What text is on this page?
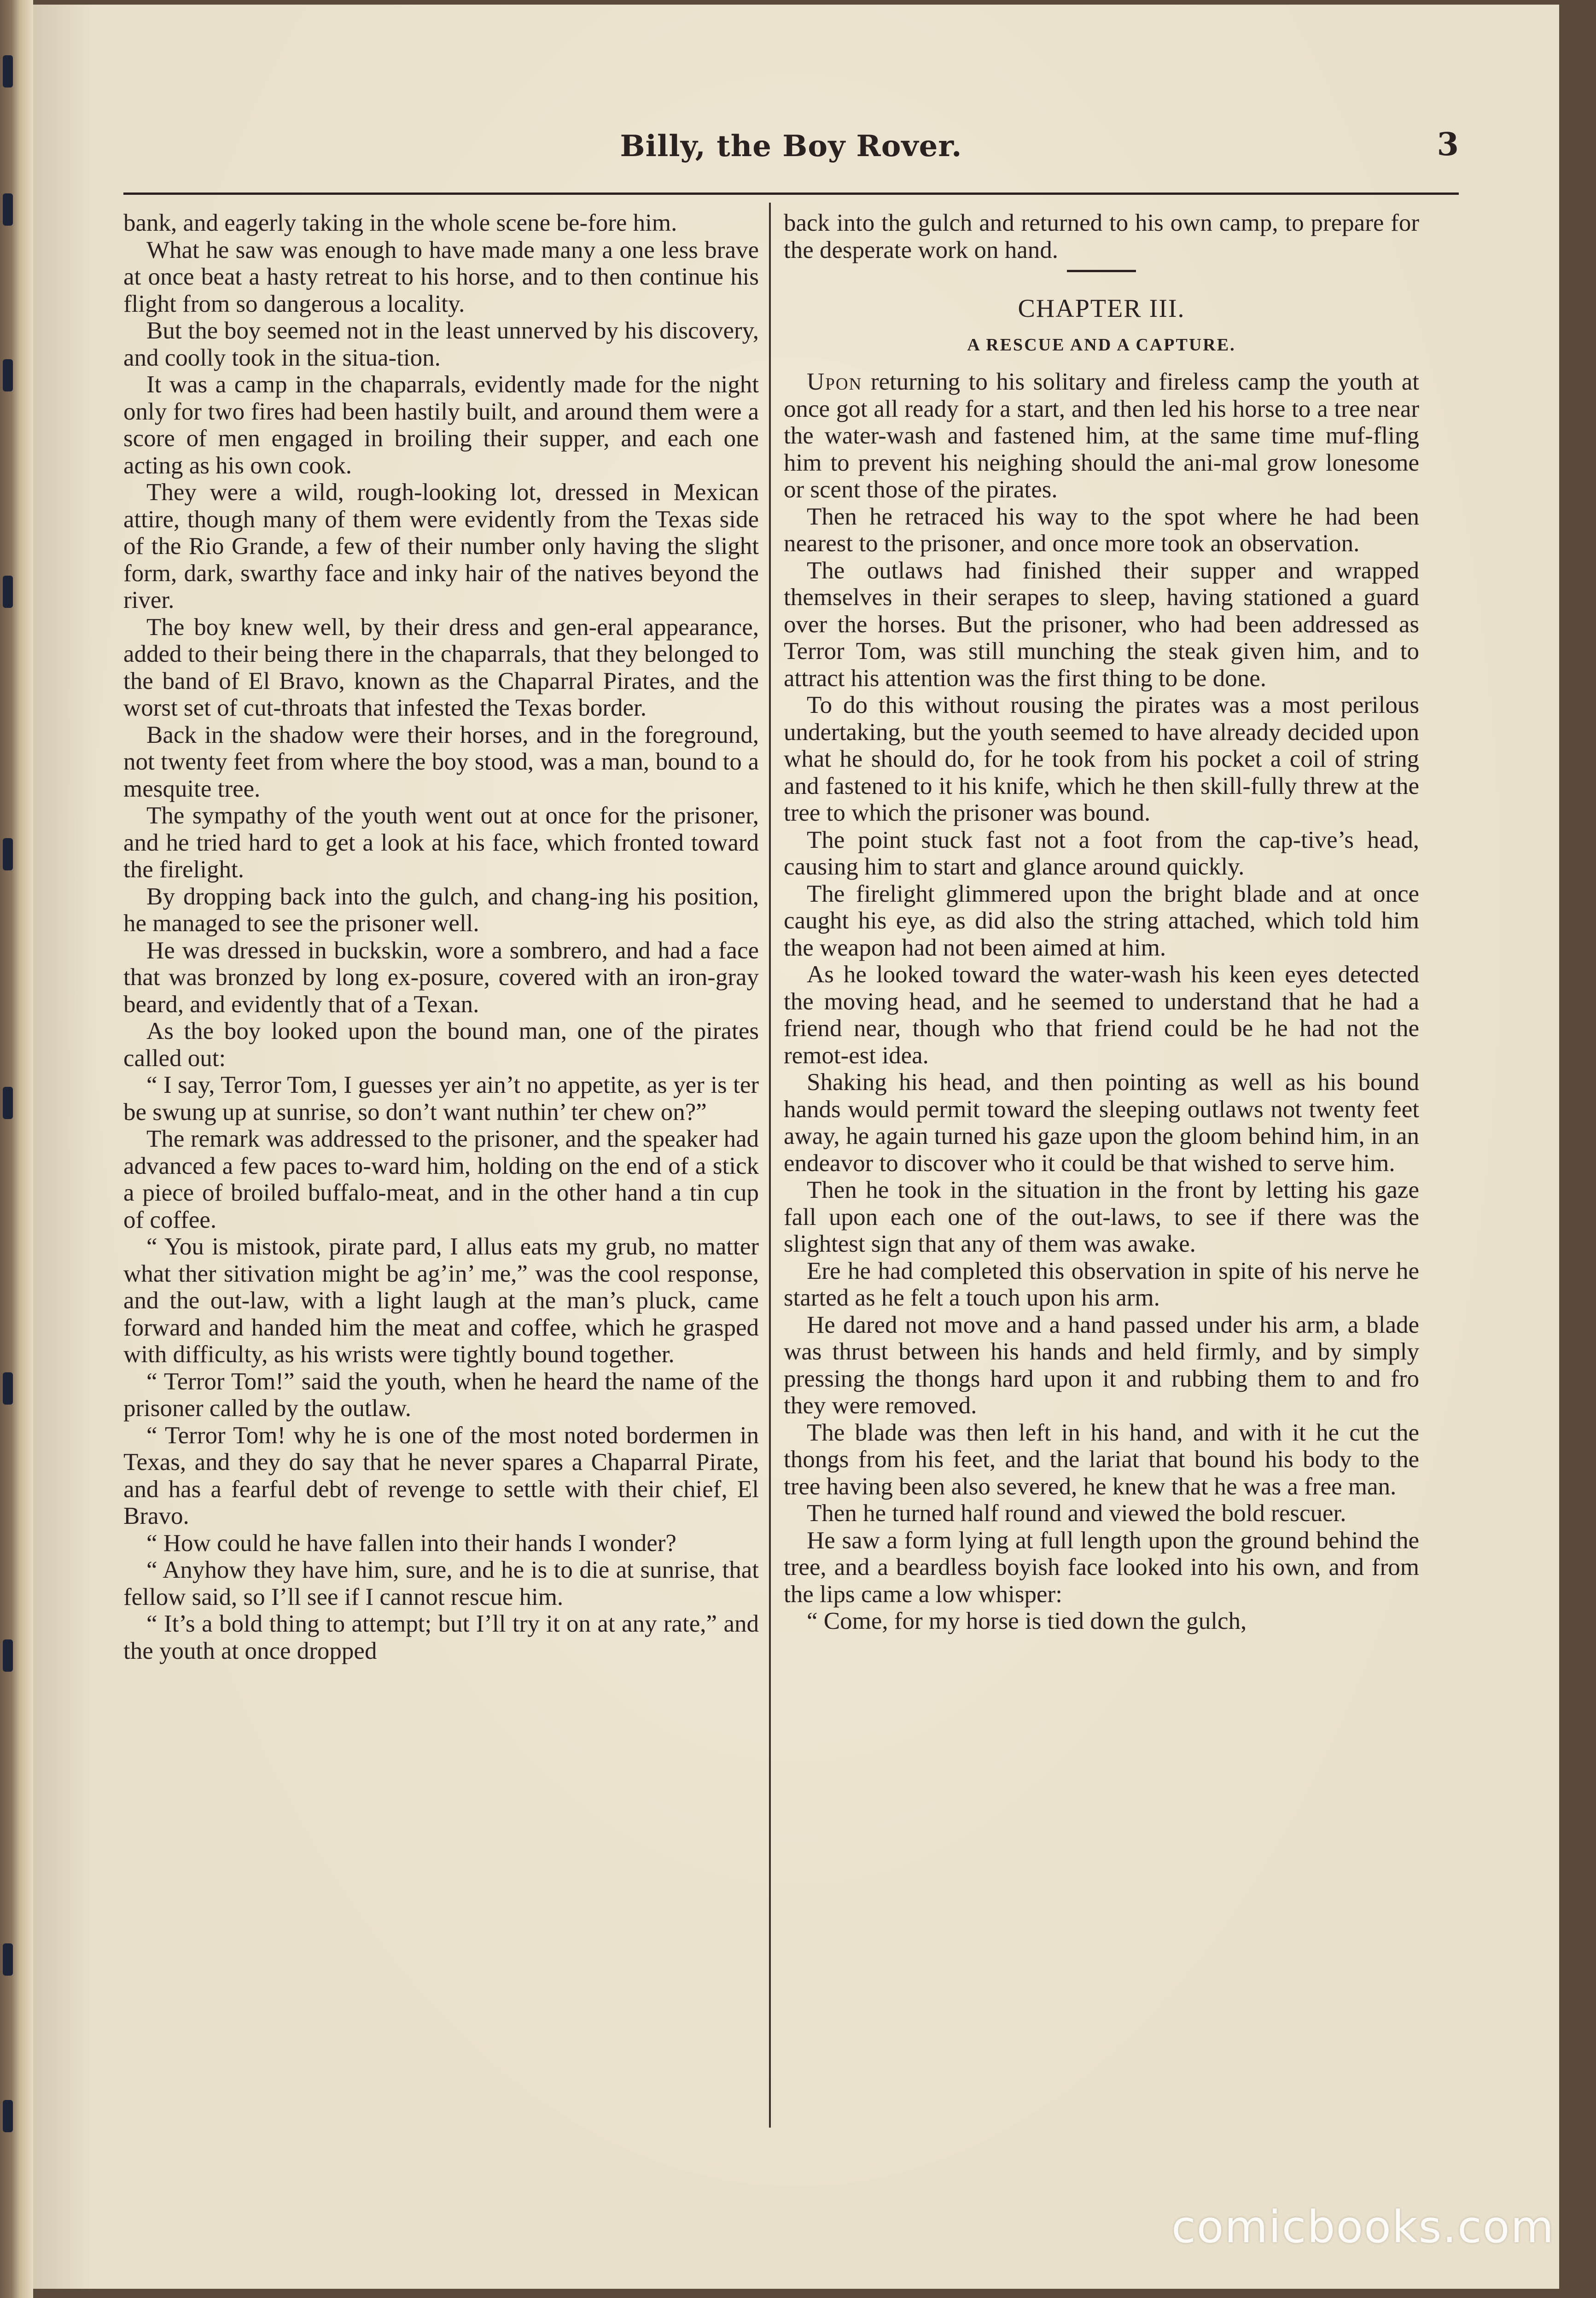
Billy, the Boy Rover.	3

bank, and eagerly taking in the whole scene be-fore him.

What he saw was enough to have made many a one less brave at once beat a hasty retreat to his horse, and to then continue his flight from so dangerous a locality.

But the boy seemed not in the least unnerved by his discovery, and coolly took in the situa-tion.

It was a camp in the chaparrals, evidently made for the night only for two fires had been hastily built, and around them were a score of men engaged in broiling their supper, and each one acting as his own cook.

They were a wild, rough-looking lot, dressed in Mexican attire, though many of them were evidently from the Texas side of the Rio Grande, a few of their number only having the slight form, dark, swarthy face and inky hair of the natives beyond the river.

The boy knew well, by their dress and gen-eral appearance, added to their being there in the chaparrals, that they belonged to the band of El Bravo, known as the Chaparral Pirates, and the worst set of cut-throats that infested the Texas border.

Back in the shadow were their horses, and in the foreground, not twenty feet from where the boy stood, was a man, bound to a mesquite tree.

The sympathy of the youth went out at once for the prisoner, and he tried hard to get a look at his face, which fronted toward the firelight.

By dropping back into the gulch, and chang-ing his position, he managed to see the prisoner well.

He was dressed in buckskin, wore a sombrero, and had a face that was bronzed by long ex-posure, covered with an iron-gray beard, and evidently that of a Texan.

As the boy looked upon the bound man, one of the pirates called out:

“ I say, Terror Tom, I guesses yer ain’t no appetite, as yer is ter be swung up at sunrise, so don’t want nuthin’ ter chew on?”

The remark was addressed to the prisoner, and the speaker had advanced a few paces to-ward him, holding on the end of a stick a piece of broiled buffalo-meat, and in the other hand a tin cup of coffee.

“ You is mistook, pirate pard, I allus eats my grub, no matter what ther sitivation might be ag’in’ me,” was the cool response, and the out-law, with a light laugh at the man’s pluck, came forward and handed him the meat and coffee, which he grasped with difficulty, as his wrists were tightly bound together.

“ Terror Tom!” said the youth, when he heard the name of the prisoner called by the outlaw.

“ Terror Tom! why he is one of the most noted bordermen in Texas, and they do say that he never spares a Chaparral Pirate, and has a fearful debt of revenge to settle with their chief, El Bravo.

“ How could he have fallen into their hands I wonder?

“ Anyhow they have him, sure, and he is to die at sunrise, that fellow said, so I’ll see if I cannot rescue him.

“ It’s a bold thing to attempt; but I’ll try it on at any rate,” and the youth at once dropped

back into the gulch and returned to his own camp, to prepare for the desperate work on hand.

CHAPTER III.
A RESCUE AND A CAPTURE.

Upon returning to his solitary and fireless camp the youth at once got all ready for a start, and then led his horse to a tree near the water-wash and fastened him, at the same time muf-fling him to prevent his neighing should the ani-mal grow lonesome or scent those of the pirates.

Then he retraced his way to the spot where he had been nearest to the prisoner, and once more took an observation.

The outlaws had finished their supper and wrapped themselves in their serapes to sleep, having stationed a guard over the horses. But the prisoner, who had been addressed as Terror Tom, was still munching the steak given him, and to attract his attention was the first thing to be done.

To do this without rousing the pirates was a most perilous undertaking, but the youth seemed to have already decided upon what he should do, for he took from his pocket a coil of string and fastened to it his knife, which he then skill-fully threw at the tree to which the prisoner was bound.

The point stuck fast not a foot from the cap-tive’s head, causing him to start and glance around quickly.

The firelight glimmered upon the bright blade and at once caught his eye, as did also the string attached, which told him the weapon had not been aimed at him.

As he looked toward the water-wash his keen eyes detected the moving head, and he seemed to understand that he had a friend near, though who that friend could be he had not the remot-est idea.

Shaking his head, and then pointing as well as his bound hands would permit toward the sleeping outlaws not twenty feet away, he again turned his gaze upon the gloom behind him, in an endeavor to discover who it could be that wished to serve him.

Then he took in the situation in the front by letting his gaze fall upon each one of the out-laws, to see if there was the slightest sign that any of them was awake.

Ere he had completed this observation in spite of his nerve he started as he felt a touch upon his arm.

He dared not move and a hand passed under his arm, a blade was thrust between his hands and held firmly, and by simply pressing the thongs hard upon it and rubbing them to and fro they were removed.

The blade was then left in his hand, and with it he cut the thongs from his feet, and the lariat that bound his body to the tree having been also severed, he knew that he was a free man.

Then he turned half round and viewed the bold rescuer.

He saw a form lying at full length upon the ground behind the tree, and a beardless boyish face looked into his own, and from the lips came a low whisper:

“ Come, for my horse is tied down the gulch,

comicbooks.com
